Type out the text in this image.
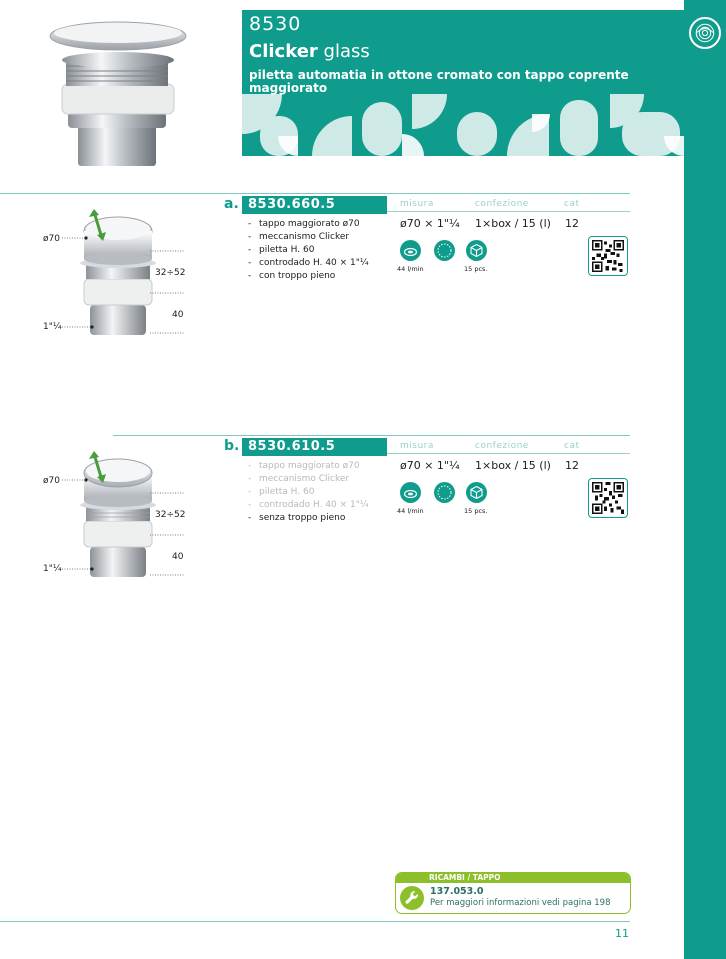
8530
Clicker glass
piletta automatia in ottone cromato con tappo coprente maggiorato
a. 8530.660.5	misura	confezione	cat
- tappo maggiorato ø70
- meccanismo Clicker
- piletta H. 60
- controdado H. 40 × 1"¼
- con troppo pieno
ø70 × 1"¼ 1×box / 15 (l) 12
44 l/min	15 pcs.
ø70
32÷52
40
1"¼
b. 8530.610.5	misura	confezione	cat
- tappo maggiorato ø70
- meccanismo Clicker
- piletta H. 60
- controdado H. 40 × 1"¼
- senza troppo pieno
ø70 × 1"¼ 1×box / 15 (l) 12
44 l/min	15 pcs.
ø70
32÷52
40
1"¼
RICAMBI / TAPPO
137.053.0
Per maggiori informazioni vedi pagina 198
11
